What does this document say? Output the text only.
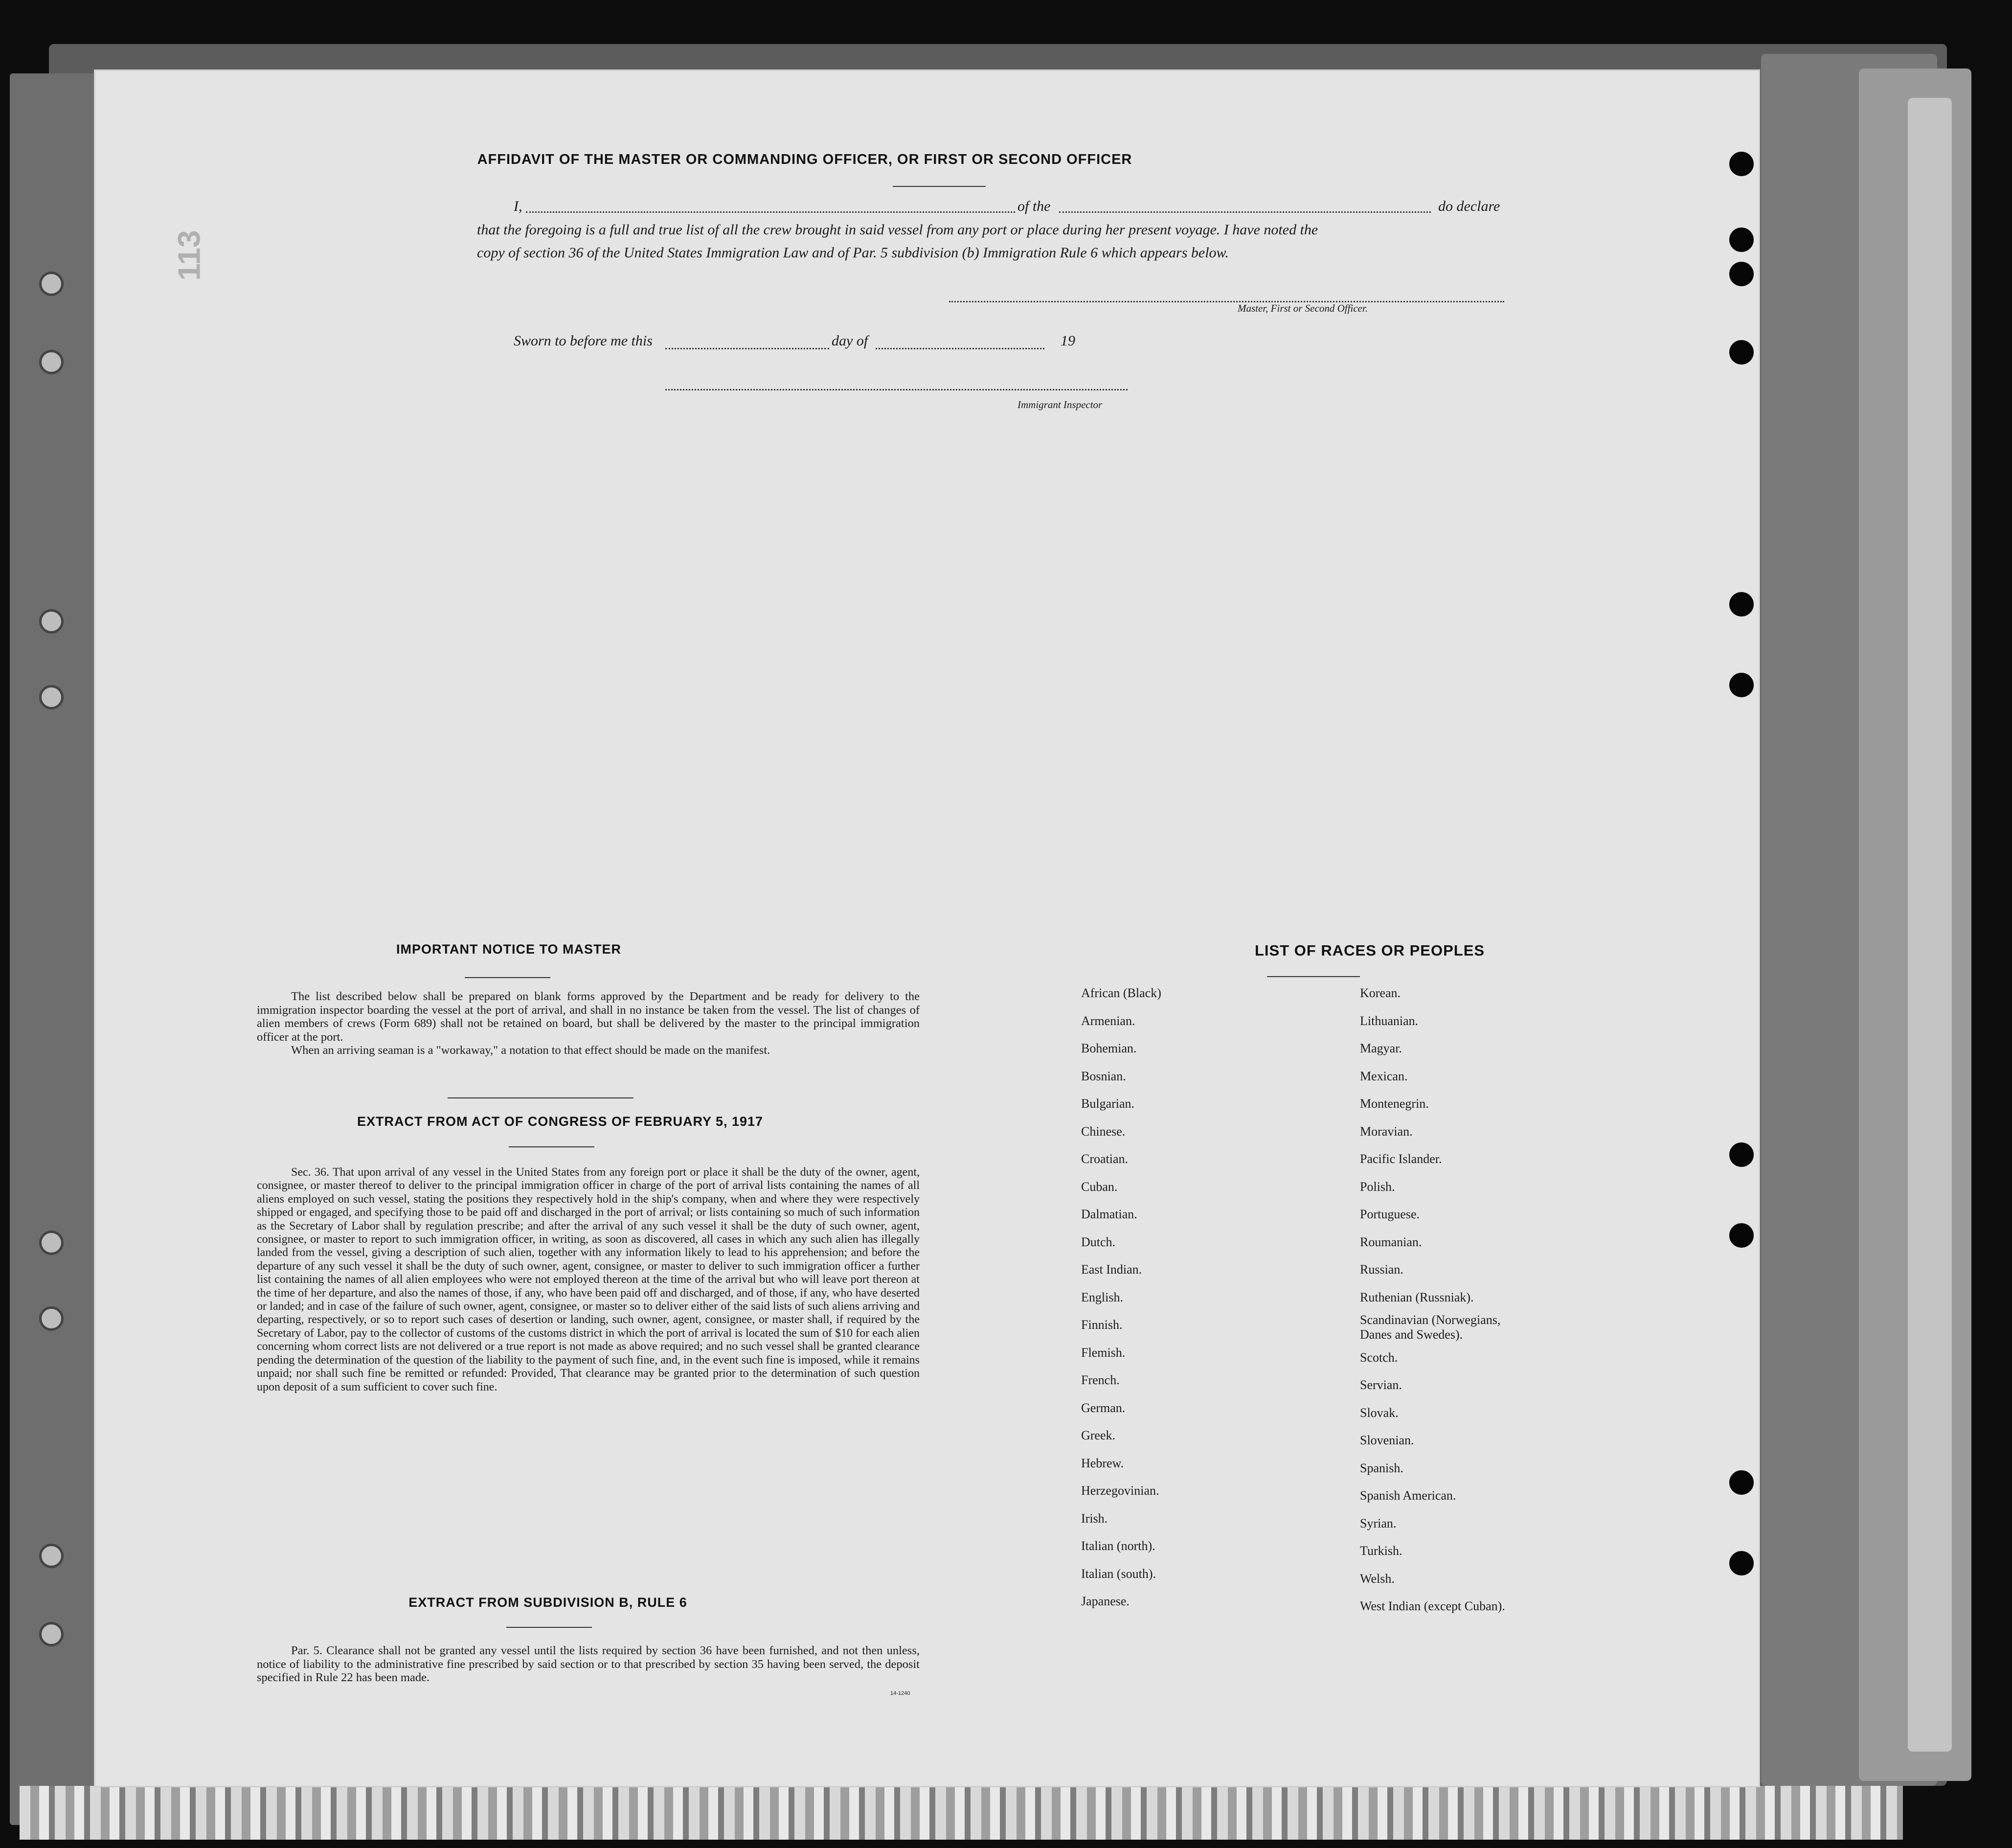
113
AFFIDAVIT OF THE MASTER OR COMMANDING OFFICER, OR FIRST OR SECOND OFFICER
I,	of the	do declare
that the foregoing is a full and true list of all the crew brought in said vessel from any port or place during her present voyage. I have noted the
copy of section 36 of the United States Immigration Law and of Par. 5 subdivision (b) Immigration Rule 6 which appears below.
Master, First or Second Officer.
Sworn to before me this	day of	19
Immigrant Inspector
IMPORTANT NOTICE TO MASTER
The list described below shall be prepared on blank forms approved by the Department and be ready for delivery to the immigration inspector boarding the vessel at the port of arrival, and shall in no instance be taken from the vessel. The list of changes of alien members of crews (Form 689) shall not be retained on board, but shall be delivered by the master to the principal immigration officer at the port.
When an arriving seaman is a "workaway," a notation to that effect should be made on the manifest.
EXTRACT FROM ACT OF CONGRESS OF FEBRUARY 5, 1917
Sec. 36. That upon arrival of any vessel in the United States from any foreign port or place it shall be the duty of the owner, agent, consignee, or master thereof to deliver to the principal immigration officer in charge of the port of arrival lists containing the names of all aliens employed on such vessel, stating the positions they respectively hold in the ship's company, when and where they were respectively shipped or engaged, and specifying those to be paid off and discharged in the port of arrival; or lists containing so much of such information as the Secretary of Labor shall by regulation prescribe; and after the arrival of any such vessel it shall be the duty of such owner, agent, consignee, or master to report to such immigration officer, in writing, as soon as discovered, all cases in which any such alien has illegally landed from the vessel, giving a description of such alien, together with any information likely to lead to his apprehension; and before the departure of any such vessel it shall be the duty of such owner, agent, consignee, or master to deliver to such immigration officer a further list containing the names of all alien employees who were not employed thereon at the time of the arrival but who will leave port thereon at the time of her departure, and also the names of those, if any, who have been paid off and discharged, and of those, if any, who have deserted or landed; and in case of the failure of such owner, agent, consignee, or master so to deliver either of the said lists of such aliens arriving and departing, respectively, or so to report such cases of desertion or landing, such owner, agent, consignee, or master shall, if required by the Secretary of Labor, pay to the collector of customs of the customs district in which the port of arrival is located the sum of $10 for each alien concerning whom correct lists are not delivered or a true report is not made as above required; and no such vessel shall be granted clearance pending the determination of the question of the liability to the payment of such fine, and, in the event such fine is imposed, while it remains unpaid; nor shall such fine be remitted or refunded: Provided, That clearance may be granted prior to the determination of such question upon deposit of a sum sufficient to cover such fine.
EXTRACT FROM SUBDIVISION B, RULE 6
Par. 5. Clearance shall not be granted any vessel until the lists required by section 36 have been furnished, and not then unless, notice of liability to the administrative fine prescribed by said section or to that prescribed by section 35 having been served, the deposit specified in Rule 22 has been made.
14-1240
LIST OF RACES OR PEOPLES
African (Black)
Armenian.
Bohemian.
Bosnian.
Bulgarian.
Chinese.
Croatian.
Cuban.
Dalmatian.
Dutch.
East Indian.
English.
Finnish.
Flemish.
French.
German.
Greek.
Hebrew.
Herzegovinian.
Irish.
Italian (north).
Italian (south).
Japanese.
Korean.
Lithuanian.
Magyar.
Mexican.
Montenegrin.
Moravian.
Pacific Islander.
Polish.
Portuguese.
Roumanian.
Russian.
Ruthenian (Russniak).
Scandinavian (Norwegians,
Danes and Swedes).
Scotch.
Servian.
Slovak.
Slovenian.
Spanish.
Spanish American.
Syrian.
Turkish.
Welsh.
West Indian (except Cuban).
